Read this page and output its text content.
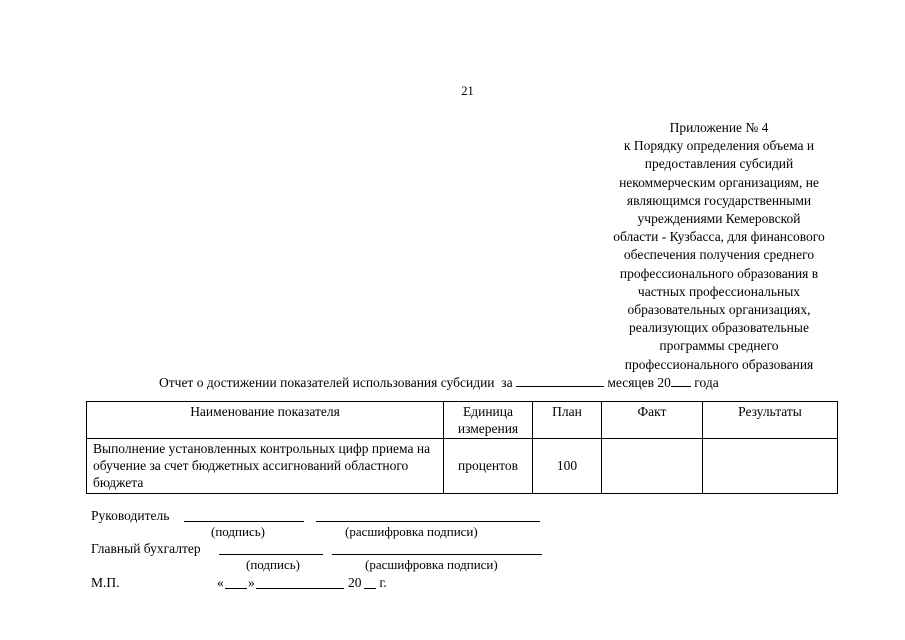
21
Приложение № 4
к Порядку определения объема и
предоставления субсидий
некоммерческим организациям, не
являющимся государственными
учреждениями Кемеровской
области - Кузбасса, для финансового
обеспечения получения среднего
профессионального образования в
частных профессиональных
образовательных организациях,
реализующих образовательные
программы среднего
профессионального образования
Отчет о достижении показателей использования субсидии  за	месяцев 20 года
Наименование показателя	Единица измерения	План	Факт	Результаты
Выполнение установленных контрольных цифр приема на обучение за счет бюджетных ассигнований областного бюджета	процентов	100		
Руководитель
(подпись)	(расшифровка подписи)
Главный бухгалтер
(подпись)	(расшифровка подписи)
М.П.	« »	20 г.
